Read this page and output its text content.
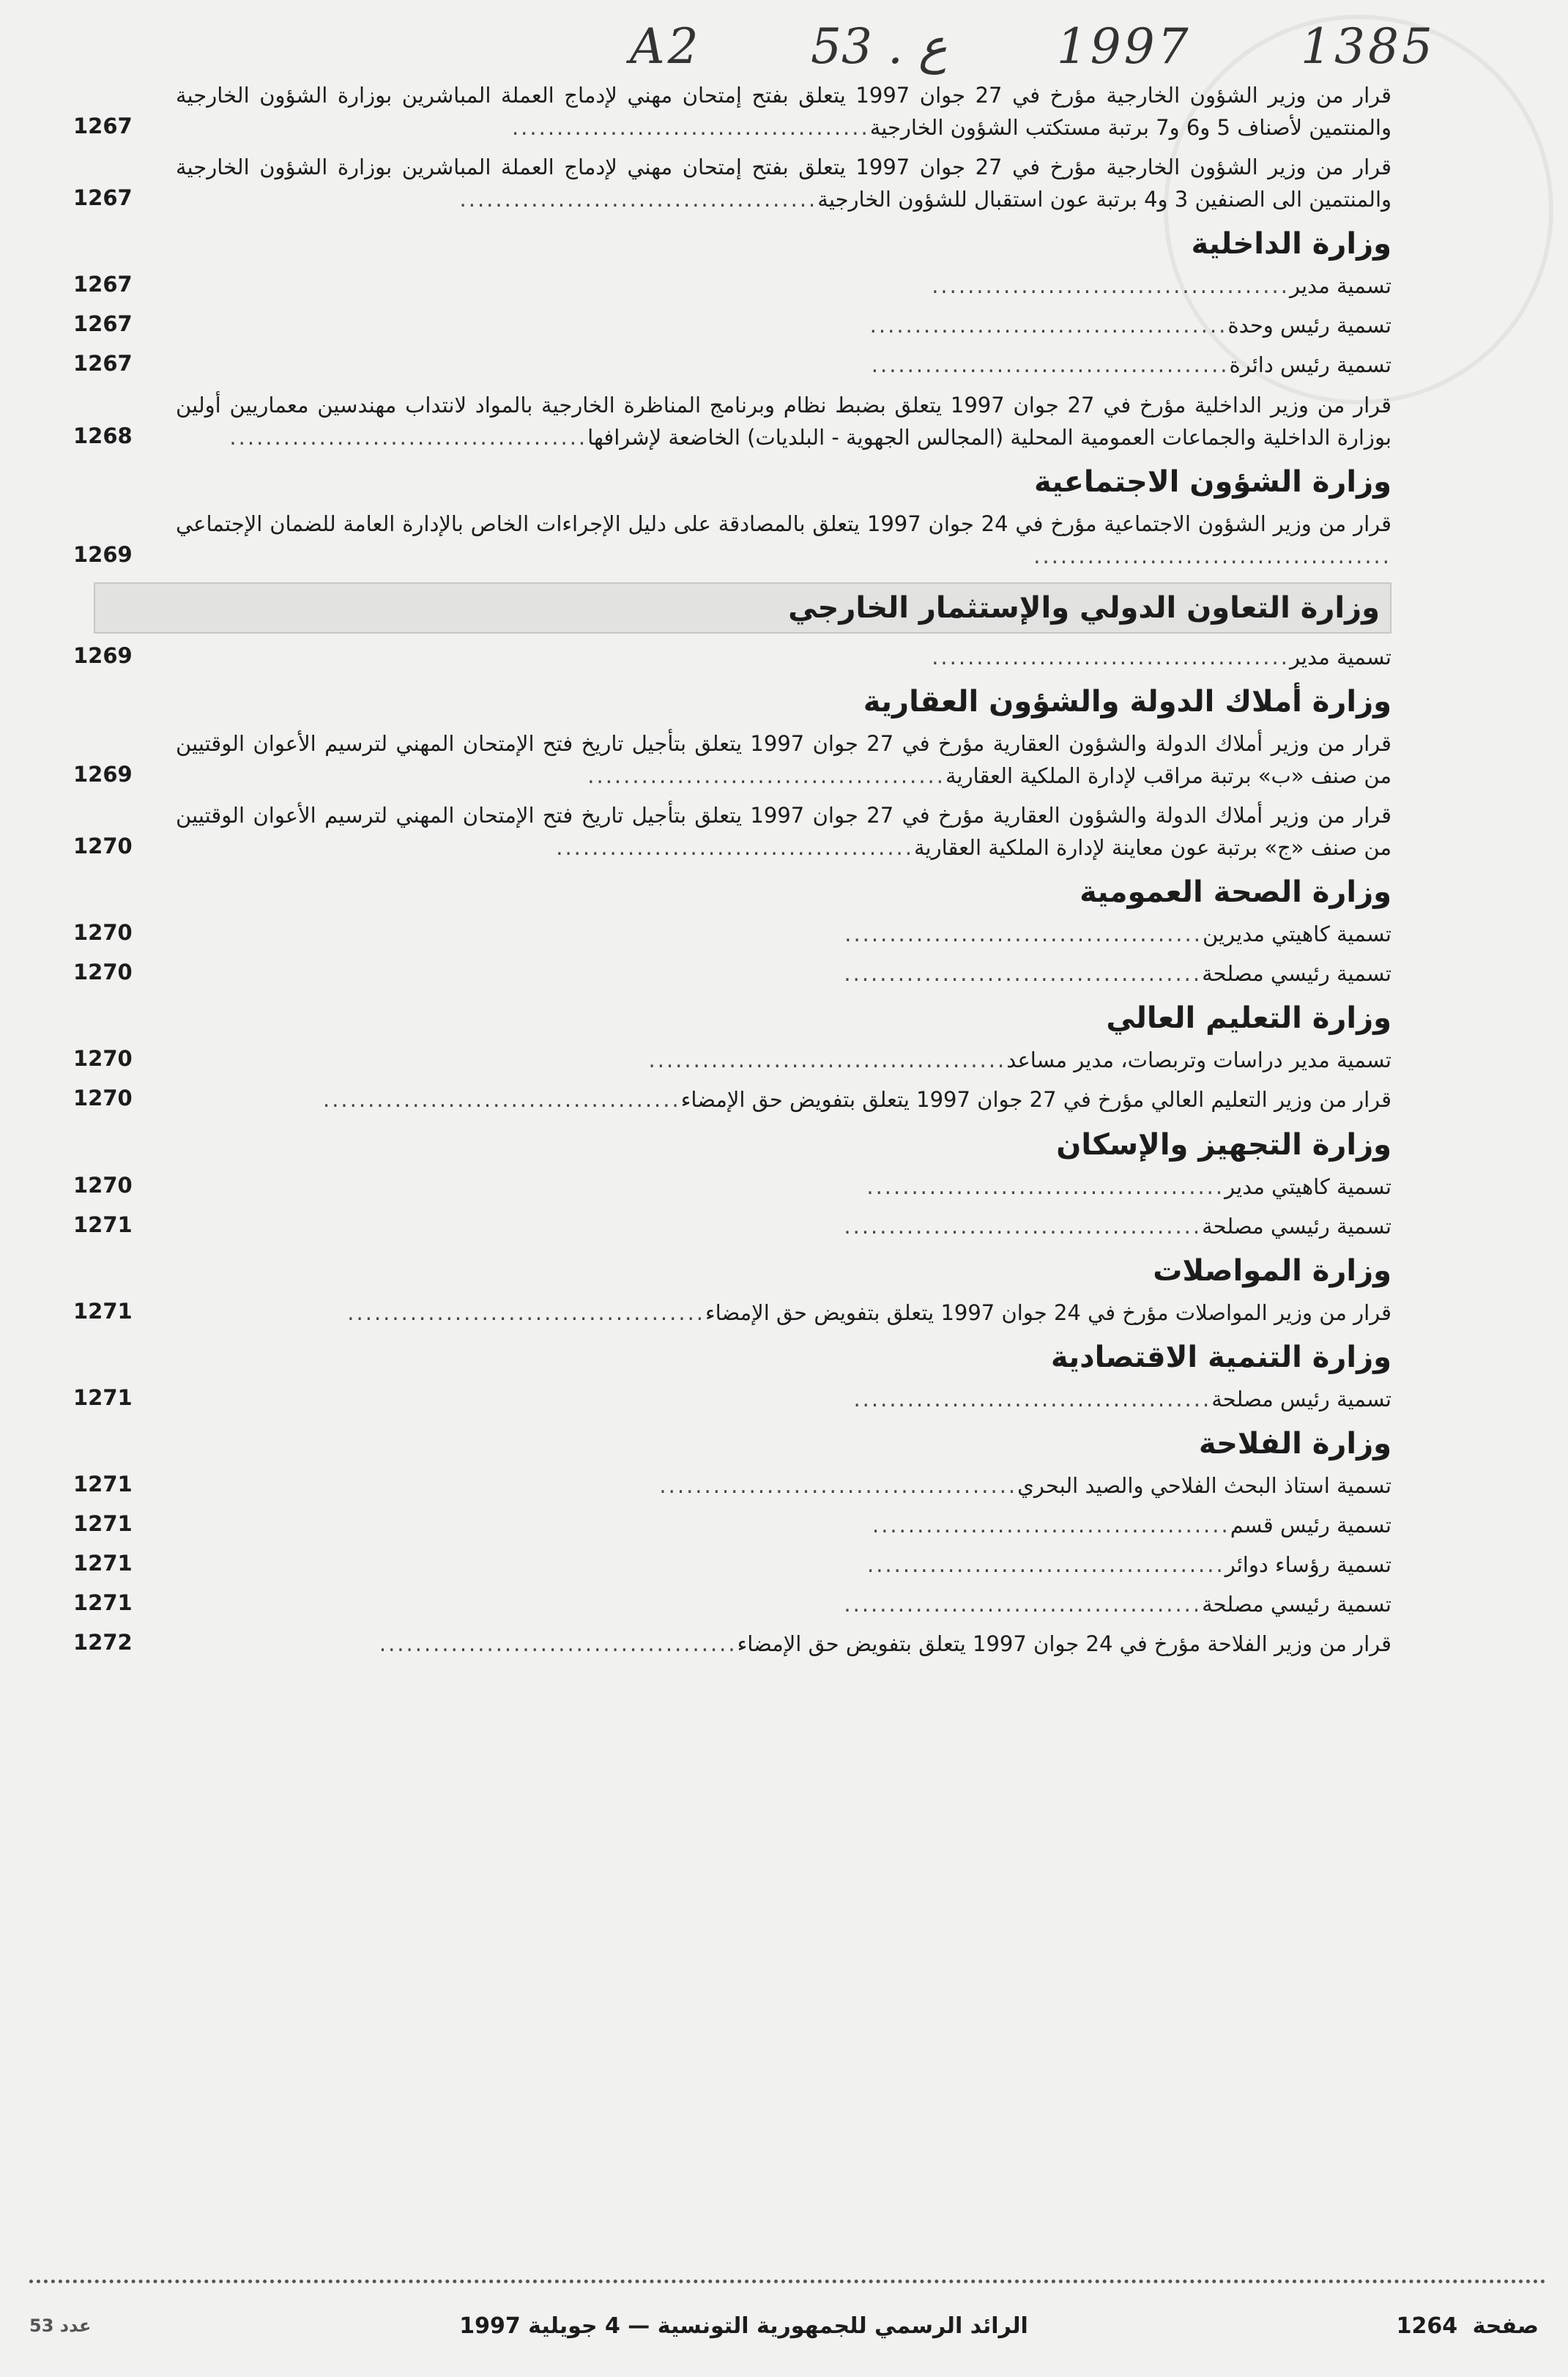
A2 53 . ع 1997 1385
قرار من وزير الشؤون الخارجية مؤرخ في 27 جوان 1997 يتعلق بفتح إمتحان مهني لإدماج العملة المباشرين بوزارة الشؤون الخارجية والمنتمين لأصناف 5 و6 و7 برتبة مستكتب الشؤون الخارجية........................................
1267
قرار من وزير الشؤون الخارجية مؤرخ في 27 جوان 1997 يتعلق بفتح إمتحان مهني لإدماج العملة المباشرين بوزارة الشؤون الخارجية والمنتمين الى الصنفين 3 و4 برتبة عون استقبال للشؤون الخارجية........................................
1267
وزارة الداخلية
تسمية مدير........................................
1267
تسمية رئيس وحدة........................................
1267
تسمية رئيس دائرة........................................
1267
قرار من وزير الداخلية مؤرخ في 27 جوان 1997 يتعلق بضبط نظام وبرنامج المناظرة الخارجية بالمواد لانتداب مهندسين معماريين أولين بوزارة الداخلية والجماعات العمومية المحلية (المجالس الجهوية - البلديات) الخاضعة لإشرافها........................................
1268
وزارة الشؤون الاجتماعية
قرار من وزير الشؤون الاجتماعية مؤرخ في 24 جوان 1997 يتعلق بالمصادقة على دليل الإجراءات الخاص بالإدارة العامة للضمان الإجتماعي........................................
1269
وزارة التعاون الدولي والإستثمار الخارجي
تسمية مدير........................................
1269
وزارة أملاك الدولة والشؤون العقارية
قرار من وزير أملاك الدولة والشؤون العقارية مؤرخ في 27 جوان 1997 يتعلق بتأجيل تاريخ فتح الإمتحان المهني لترسيم الأعوان الوقتيين من صنف «ب» برتبة مراقب لإدارة الملكية العقارية........................................
1269
قرار من وزير أملاك الدولة والشؤون العقارية مؤرخ في 27 جوان 1997 يتعلق بتأجيل تاريخ فتح الإمتحان المهني لترسيم الأعوان الوقتيين من صنف «ج» برتبة عون معاينة لإدارة الملكية العقارية........................................
1270
وزارة الصحة العمومية
تسمية كاهيتي مديرين........................................
1270
تسمية رئيسي مصلحة........................................
1270
وزارة التعليم العالي
تسمية مدير دراسات وتربصات، مدير مساعد........................................
1270
قرار من وزير التعليم العالي مؤرخ في 27 جوان 1997 يتعلق بتفويض حق الإمضاء........................................
1270
وزارة التجهيز والإسكان
تسمية كاهيتي مدير........................................
1270
تسمية رئيسي مصلحة........................................
1271
وزارة المواصلات
قرار من وزير المواصلات مؤرخ في 24 جوان 1997 يتعلق بتفويض حق الإمضاء........................................
1271
وزارة التنمية الاقتصادية
تسمية رئيس مصلحة........................................
1271
وزارة الفلاحة
تسمية استاذ البحث الفلاحي والصيد البحري........................................
1271
تسمية رئيس قسم........................................
1271
تسمية رؤساء دوائر........................................
1271
تسمية رئيسي مصلحة........................................
1271
قرار من وزير الفلاحة مؤرخ في 24 جوان 1997 يتعلق بتفويض حق الإمضاء........................................
1272
عدد 53	الرائد الرسمي للجمهورية التونسية — 4 جويلية 1997	صفحة 1264
